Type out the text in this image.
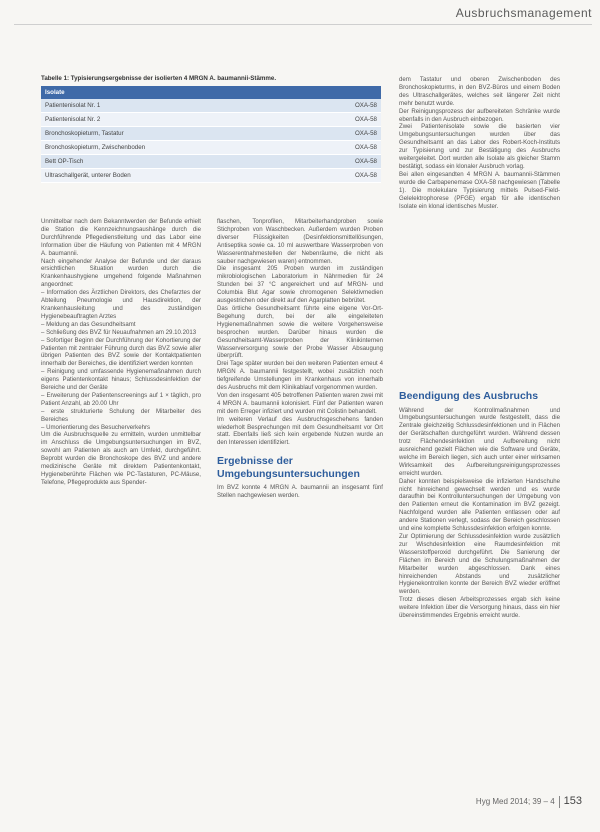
Ausbruchsmanagement
Tabelle 1: Typisierungsergebnisse der isolierten 4 MRGN A. baumannii-Stämme.
Isolate	
Patientenisolat Nr. 1	OXA-58
Patientenisolat Nr. 2	OXA-58
Bronchoskopieturm, Tastatur	OXA-58
Bronchoskopieturm, Zwischenboden	OXA-58
Bett OP-Tisch	OXA-58
Ultraschallgerät, unterer Boden	OXA-58

Unmittelbar nach dem Bekanntwerden der Befunde erhielt die Station die Kennzeichnungsaushänge durch die Durchführende Pflegedienstleitung und das Labor eine Information über die Häufung von Patienten mit 4 MRGN A. baumannii.

Nach eingehender Analyse der Befunde und der daraus ersichtlichen Situation wurden durch die Krankenhaushygiene umgehend folgende Maßnahmen angeordnet:

– Information des Ärztlichen Direktors, des Chefarztes der Abteilung Pneumologie und Hausdirektion, der Krankenhausleitung und des zuständigen Hygienebeauftragten Arztes

– Meldung an das Gesundheitsamt

– Schließung des BVZ für Neuaufnahmen am 29.10.2013

– Sofortiger Beginn der Durchführung der Kohortierung der Patienten mit zentraler Führung durch das BVZ sowie aller übrigen Patienten des BVZ sowie der Kontaktpatienten innerhalb der Bereiches, die identifiziert werden konnten

– Reinigung und umfassende Hygienemaßnahmen durch eigens Patientenkontakt hinaus; Schlussdesinfektion der Bereiche und der Geräte

– Erweiterung der Patientenscreenings auf 1 × täglich, pro Patient Anzahl, ab 20.00 Uhr

– erste strukturierte Schulung der Mitarbeiter des Bereiches

– Umorientierung des Besucherverkehrs

Um die Ausbruchsquelle zu ermitteln, wurden unmittelbar im Anschluss die Umgebungsuntersuchungen im BVZ, sowohl am Patienten als auch am Umfeld, durchgeführt. Beprobt wurden die Bronchoskope des BVZ und andere medizinische Geräte mit direktem Patientenkontakt, Hygieneberührte Flächen wie PC-Tastaturen, PC-Mäuse, Telefone, Pflegeprodukte aus Spender-

flaschen, Tonprofilen, Mitarbeiterhandproben sowie Stichproben von Waschbecken. Außerdem wurden Proben diverser Flüssigkeiten (Desinfektionsmittellösungen, Antiseptika sowie ca. 10 ml auswertbare Wasserproben von Wasserentnahmestellen der Nebenräume, die nicht als sauber nachgewiesen waren) entnommen.

Die insgesamt 205 Proben wurden im zuständigen mikrobiologischen Laboratorium in Nährmedien für 24 Stunden bei 37 °C angereichert und auf MRGN- und Columbia Blut Agar sowie chromogenen Selektivmedien ausgestrichen oder direkt auf den Agarplatten bebrütet.

Das örtliche Gesundheitsamt führte eine eigene Vor-Ort-Begehung durch, bei der alle eingeleiteten Hygienemaßnahmen sowie die weitere Vorgehensweise besprochen wurden. Darüber hinaus wurden die Gesundheitsamt-Wasserproben der Klinikinternen Wasserversorgung sowie der Probe Wasser Absaugung überprüft.

Drei Tage später wurden bei den weiteren Patienten erneut 4 MRGN A. baumannii festgestellt, wobei zusätzlich noch tiefgreifende Umstellungen im Krankenhaus von innerhalb des Ausbruchs mit dem Klinikablauf vorgenommen wurden.

Von den insgesamt 405 betroffenen Patienten waren zwei mit 4 MRGN A. baumannii kolonisiert. Fünf der Patienten waren mit dem Erreger infiziert und wurden mit Colistin behandelt.

Im weiteren Verlauf des Ausbruchsgeschehens fanden wiederholt Besprechungen mit dem Gesundheitsamt vor Ort statt. Ebenfalls ließ sich kein ergebende Nutzen wurde an den Interessen identifiziert.

Ergebnisse der Umgebungsuntersuchungen

Im BVZ konnte 4 MRGN A. baumannii an insgesamt fünf Stellen nachgewiesen werden.

dem Tastatur und oberen Zwischenboden des Bronchoskopieturms, in den BVZ-Büros und einem Boden des Ultraschallgerätes, welches seit längerer Zeit nicht mehr benutzt wurde.

Der Reinigungsprozess der aufbereiteten Schränke wurde ebenfalls in den Ausbruch einbezogen.

Zwei Patientenisolate sowie die basierten vier Umgebungsuntersuchungen wurden über das Gesundheitsamt an das Labor des Robert-Koch-Instituts zur Typisierung und zur Bestätigung des Ausbruchs weitergeleitet. Dort wurden alle Isolate als gleicher Stamm bestätigt, sodass ein klonaler Ausbruch vorlag.

Bei allen eingesandten 4 MRGN A. baumannii-Stämmen wurde die Carbapenemase OXA-58 nachgewiesen (Tabelle 1). Die molekulare Typisierung mittels Pulsed-Field-Gelelektrophorese (PFGE) ergab für alle identischen Isolate ein klonal identisches Muster.

Beendigung des Ausbruchs

Während der Kontrollmaßnahmen und Umgebungsuntersuchungen wurde festgestellt, dass die Zentrale gleichzeitig Schlussdesinfektionen und in Flächen der Gerätschaften durchgeführt wurden. Während dessen trotz Flächendesinfektion und Aufbereitung nicht ausreichend gezielt Flächen wie die Software und Geräte, welche im Bereich liegen, sich auch unter einer wirksamen Wirksamkeit des Aufbereitungsreinigungsprozesses erreicht wurden.

Daher konnten beispielsweise die infizierten Handschuhe nicht hinreichend gewechselt werden und es wurde daraufhin bei Kontrolluntersuchungen der Umgebung von den Patienten erneut die Kontamination im BVZ gezeigt. Nachfolgend wurden alle Patienten entlassen oder auf andere Stationen verlegt, sodass der Bereich geschlossen und eine komplette Schlussdesinfektion erfolgen konnte.

Zur Optimierung der Schlussdesinfektion wurde zusätzlich zur Wischdesinfektion eine Raumdesinfektion mit Wasserstoffperoxid durchgeführt. Die Sanierung der Flächen im Bereich und die Schulungsmaßnahmen der Mitarbeiter wurden abgeschlossen. Dank eines hinreichenden Abstands und zusätzlicher Hygienekontrollen konnte der Bereich BVZ wieder eröffnet werden.

Trotz dieses diesen Arbeitsprozesses ergab sich keine weitere Infektion über die Versorgung hinaus, dass ein hier übereinstimmendes Ergebnis erreicht wurde.

Hyg Med 2014; 39 – 4 153
